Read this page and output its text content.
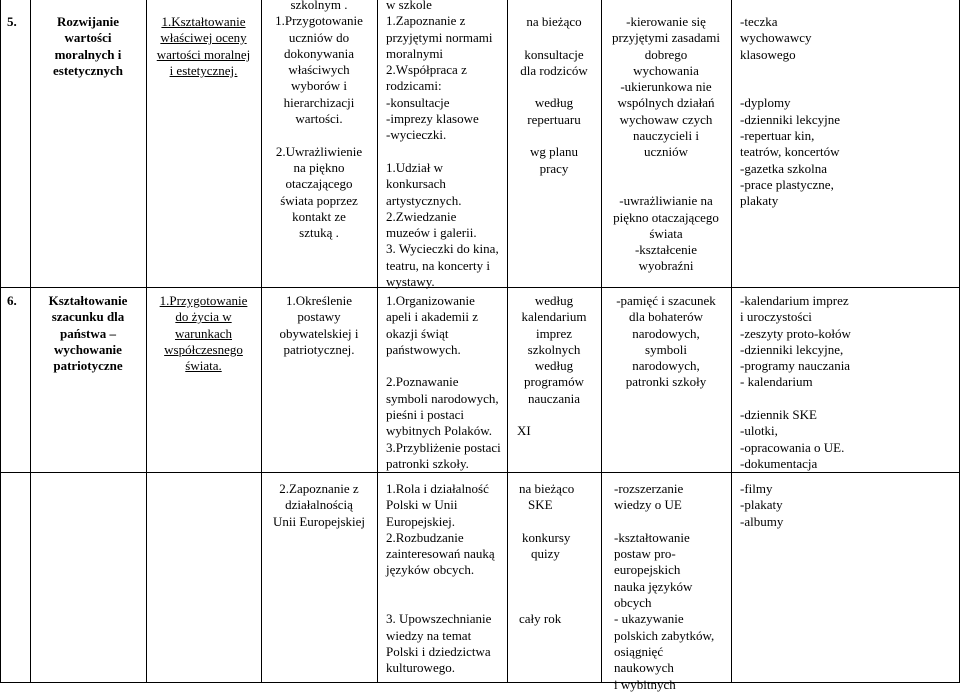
5.	Rozwijanie
wartości
moralnych i
estetycznych
1.Kształtowanie
właściwej oceny
wartości moralnej
i estetycznej.
szkolnym .
1.Przygotowanie
uczniów do
dokonywania
właściwych
wyborów i
hierarchizacji
wartości.
2.Uwrażliwienie
na piękno
otaczającego
świata poprzez
kontakt ze
sztuką .
w szkole
1.Zapoznanie z
przyjętymi normami
moralnymi
2.Współpraca z
rodzicami:
-konsultacje
-imprezy klasowe
-wycieczki.
1.Udział w
konkursach
artystycznych.
2.Zwiedzanie
muzeów i galerii.
3. Wycieczki do kina,
teatru, na koncerty i
wystawy.
na bieżąco
konsultacje
dla rodziców
według
repertuaru
wg planu
pracy
-kierowanie się
przyjętymi zasadami
dobrego
wychowania
-ukierunkowa nie
wspólnych działań
wychowaw czych
nauczycieli i
uczniów
-uwrażliwianie na
piękno otaczającego
świata
-kształcenie
wyobraźni
-teczka
wychowawcy
klasowego
-dyplomy
-dzienniki lekcyjne
-repertuar kin,
teatrów, koncertów
-gazetka szkolna
-prace plastyczne,
plakaty
6.	Kształtowanie
szacunku dla
państwa –
wychowanie
patriotyczne
1.Przygotowanie
do życia w
warunkach
współczesnego
świata.
1.Określenie
postawy
obywatelskiej i
patriotycznej.
1.Organizowanie
apeli i akademii z
okazji świąt
państwowych.
2.Poznawanie
symboli narodowych,
pieśni i postaci
wybitnych Polaków.
3.Przybliżenie postaci
patronki szkoły.
według
kalendarium
imprez
szkolnych
według
programów
nauczania
XI
-pamięć i szacunek
dla bohaterów
narodowych,
symboli
narodowych,
patronki szkoły
-kalendarium imprez
i uroczystości
-zeszyty proto-kołów
-dzienniki lekcyjne,
-programy nauczania
- kalendarium
-dziennik SKE
-ulotki,
-opracowania o UE.
-dokumentacja
2.Zapoznanie z
działalnością
Unii Europejskiej
1.Rola i działalność
Polski w Unii
Europejskiej.
2.Rozbudzanie
zainteresowań nauką
języków obcych.
3. Upowszechnianie
wiedzy na temat
Polski i dziedzictwa
kulturowego.
na bieżąco
SKE
konkursy
quizy
cały rok
-rozszerzanie
wiedzy o UE
-kształtowanie
postaw pro-
europejskich
nauka języków
obcych
- ukazywanie
polskich zabytków,
osiągnięć
naukowych
i wybitnych
-filmy
-plakaty
-albumy
